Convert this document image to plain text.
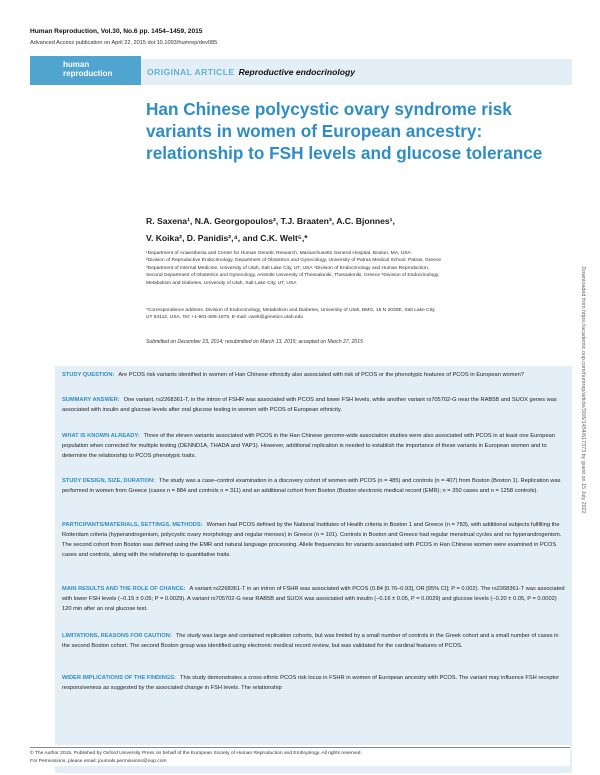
Human Reproduction, Vol.30, No.6 pp. 1454–1459, 2015
Advanced Access publication on April 22, 2015 doi:10.1093/humrep/dev085
human
reproduction	ORIGINAL ARTICLE Reproductive endocrinology
Han Chinese polycystic ovary syndrome risk variants in women of European ancestry: relationship to FSH levels and glucose tolerance
R. Saxena¹, N.A. Georgopoulos², T.J. Braaten³, A.C. Bjonnes¹,
V. Koika², D. Panidis²,⁴, and C.K. Welt⁵,*
¹Department of Anaesthesia and Center for Human Genetic Research, Massachusetts General Hospital, Boston, MA, USA
²Division of Reproductive Endocrinology, Department of Obstetrics and Gynecology, University of Patras Medical School, Patras, Greece
³Department of Internal Medicine, University of Utah, Salt Lake City, UT, USA ⁴Division of Endocrinology and Human Reproduction,
Second Department of Obstetrics and Gynecology, Aristotle University of Thessaloniki, Thessaloniki, Greece ⁵Division of Endocrinology,
Metabolism and Diabetes, University of Utah, Salt Lake City, UT, USA
*Correspondence address. Division of Endocrinology, Metabolism and Diabetes, University of Utah, BMG, 15 N 2030E, Salt Lake City,
UT 84112, USA. Tel: +1-801-585-1875. E-mail: cwelt@genetics.utah.edu
Submitted on December 23, 2014; resubmitted on March 13, 2015; accepted on March 27, 2015

STUDY QUESTION: Are PCOS risk variants identified in women of Han Chinese ethnicity also associated with risk of PCOS or the phenotypic features of PCOS in European women?

SUMMARY ANSWER: One variant, rs2268361-T, in the intron of FSHR was associated with PCOS and lower FSH levels, while another variant rs705702-G near the RAB5B and SUOX genes was associated with insulin and glucose levels after oral glucose testing in women with PCOS of European ethnicity.

WHAT IS KNOWN ALREADY: Three of the eleven variants associated with PCOS in the Han Chinese genome-wide association studies were also associated with PCOS in at least one European population when corrected for multiple testing (DENND1A, THADA and YAP1). However, additional replication is needed to establish the importance of these variants in European women and to determine the relationship to PCOS phenotypic traits.

STUDY DESIGN, SIZE, DURATION: The study was a case–control examination in a discovery cohort of women with PCOS (n = 485) and controls (n = 407) from Boston (Boston 1). Replication was performed in women from Greece (cases n = 884 and controls n = 311) and an additional cohort from Boston (Boston electronic medical record (EMR); n = 350 cases and n = 1258 controls).

PARTICIPANTS/MATERIALS, SETTINGS, METHODS: Women had PCOS defined by the National Institutes of Health criteria in Boston 1 and Greece (n = 783), with additional subjects fulfilling the Rotterdam criteria (hyperandrogenism, polycystic ovary morphology and regular menses) in Greece (n = 101). Controls in Boston and Greece had regular menstrual cycles and no hyperandrogenism. The second cohort from Boston was defined using the EMR and natural language processing. Allele frequencies for variants associated with PCOS in Han Chinese women were examined in PCOS cases and controls, along with the relationship to quantitative traits.

MAIN RESULTS AND THE ROLE OF CHANCE: A variant rs2268361-T in an intron of FSHR was associated with PCOS (0.84 [0.76–0.93], OR [95% CI]; P = 0.002). The rs2268361-T was associated with lower FSH levels (−0.15 ± 0.05; P = 0.0029). A variant rs705702-G near RAB5B and SUOX was associated with insulin (−0.16 ± 0.05, P = 0.0029) and glucose levels (−0.20 ± 0.05, P = 0.0002) 120 min after an oral glucose test.

LIMITATIONS, REASONS FOR CAUTION: The study was large and contained replication cohorts, but was limited by a small number of controls in the Greek cohort and a small number of cases in the second Boston cohort. The second Boston group was identified using electronic medical record review, but was validated for the cardinal features of PCOS.

WIDER IMPLICATIONS OF THE FINDINGS: This study demonstrates a cross ethnic PCOS risk locus in FSHR in women of European ancestry with PCOS. The variant may influence FSH receptor responsiveness as suggested by the associated change in FSH levels. The relationship

Downloaded from https://academic.oup.com/humrep/article/30/6/1454/617373 by guest on 15 July 2022

© The Author 2015. Published by Oxford University Press on behalf of the European Society of Human Reproduction and Embryology. All rights reserved.

For Permissions, please email: journals.permissions@oup.com
